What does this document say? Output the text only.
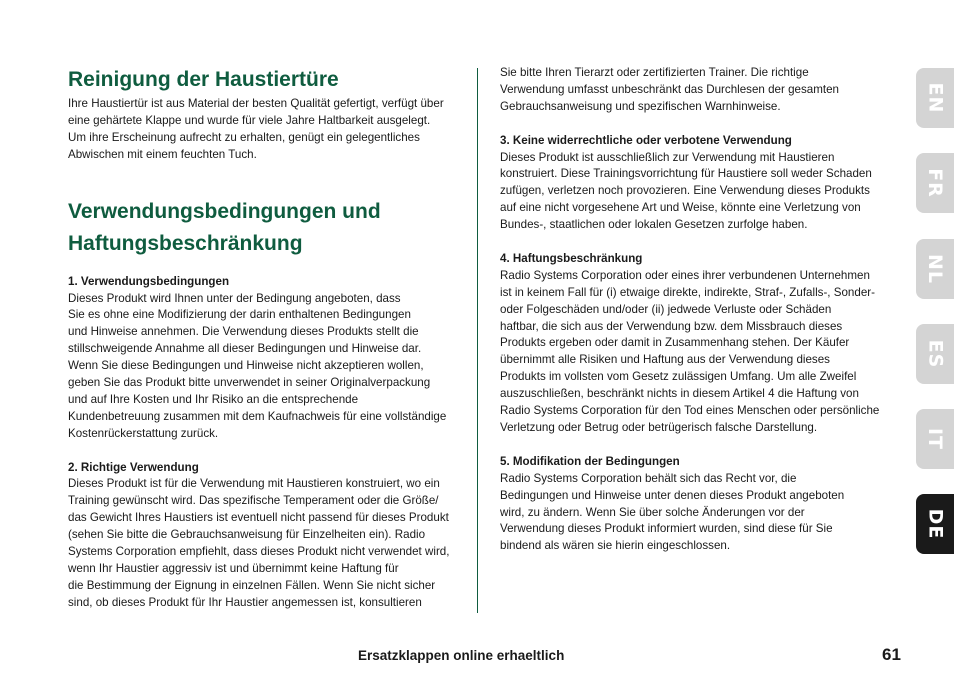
Reinigung der Haustiertüre

Ihre Haustiertür ist aus Material der besten Qualität gefertigt, verfügt über

eine gehärtete Klappe und wurde für viele Jahre Haltbarkeit ausgelegt.

Um ihre Erscheinung aufrecht zu erhalten, genügt ein gelegentliches

Abwischen mit einem feuchten Tuch.

Verwendungsbedingungen und
Haftungsbeschränkung
1. Verwendungsbedingungen

Dieses Produkt wird Ihnen unter der Bedingung angeboten, dass

Sie es ohne eine Modifizierung der darin enthaltenen Bedingungen

und Hinweise annehmen. Die Verwendung dieses Produkts stellt die

stillschweigende Annahme all dieser Bedingungen und Hinweise dar.

Wenn Sie diese Bedingungen und Hinweise nicht akzeptieren wollen,

geben Sie das Produkt bitte unverwendet in seiner Originalverpackung

und auf Ihre Kosten und Ihr Risiko an die entsprechende

Kundenbetreuung zusammen mit dem Kaufnachweis für eine vollständige

Kostenrückerstattung zurück.

2. Richtige Verwendung

Dieses Produkt ist für die Verwendung mit Haustieren konstruiert, wo ein

Training gewünscht wird. Das spezifische Temperament oder die Größe/

das Gewicht Ihres Haustiers ist eventuell nicht passend für dieses Produkt

(sehen Sie bitte die Gebrauchsanweisung für Einzelheiten ein). Radio

Systems Corporation empfiehlt, dass dieses Produkt nicht verwendet wird,

wenn Ihr Haustier aggressiv ist und übernimmt keine Haftung für

die Bestimmung der Eignung in einzelnen Fällen. Wenn Sie nicht sicher

sind, ob dieses Produkt für Ihr Haustier angemessen ist, konsultieren

Sie bitte Ihren Tierarzt oder zertifizierten Trainer. Die richtige

Verwendung umfasst unbeschränkt das Durchlesen der gesamten

Gebrauchsanweisung und spezifischen Warnhinweise.

3. Keine widerrechtliche oder verbotene Verwendung

Dieses Produkt ist ausschließlich zur Verwendung mit Haustieren

konstruiert. Diese Trainingsvorrichtung für Haustiere soll weder Schaden

zufügen, verletzen noch provozieren. Eine Verwendung dieses Produkts

auf eine nicht vorgesehene Art und Weise, könnte eine Verletzung von

Bundes-, staatlichen oder lokalen Gesetzen zurfolge haben.

4. Haftungsbeschränkung

Radio Systems Corporation oder eines ihrer verbundenen Unternehmen

ist in keinem Fall für (i) etwaige direkte, indirekte, Straf-, Zufalls-, Sonder-

oder Folgeschäden und/oder (ii) jedwede Verluste oder Schäden

haftbar, die sich aus der Verwendung bzw. dem Missbrauch dieses

Produkts ergeben oder damit in Zusammenhang stehen. Der Käufer

übernimmt alle Risiken und Haftung aus der Verwendung dieses

Produkts im vollsten vom Gesetz zulässigen Umfang. Um alle Zweifel

auszuschließen, beschränkt nichts in diesem Artikel 4 die Haftung von

Radio Systems Corporation für den Tod eines Menschen oder persönliche

Verletzung oder Betrug oder betrügerisch falsche Darstellung.

5. Modifikation der Bedingungen

Radio Systems Corporation behält sich das Recht vor, die

Bedingungen und Hinweise unter denen dieses Produkt angeboten

wird, zu ändern. Wenn Sie über solche Änderungen vor der

Verwendung dieses Produkt informiert wurden, sind diese für Sie

bindend als wären sie hierin eingeschlossen.

EN
FR
NL
ES
IT
DE
Ersatzklappen online erhaeltlich	61
